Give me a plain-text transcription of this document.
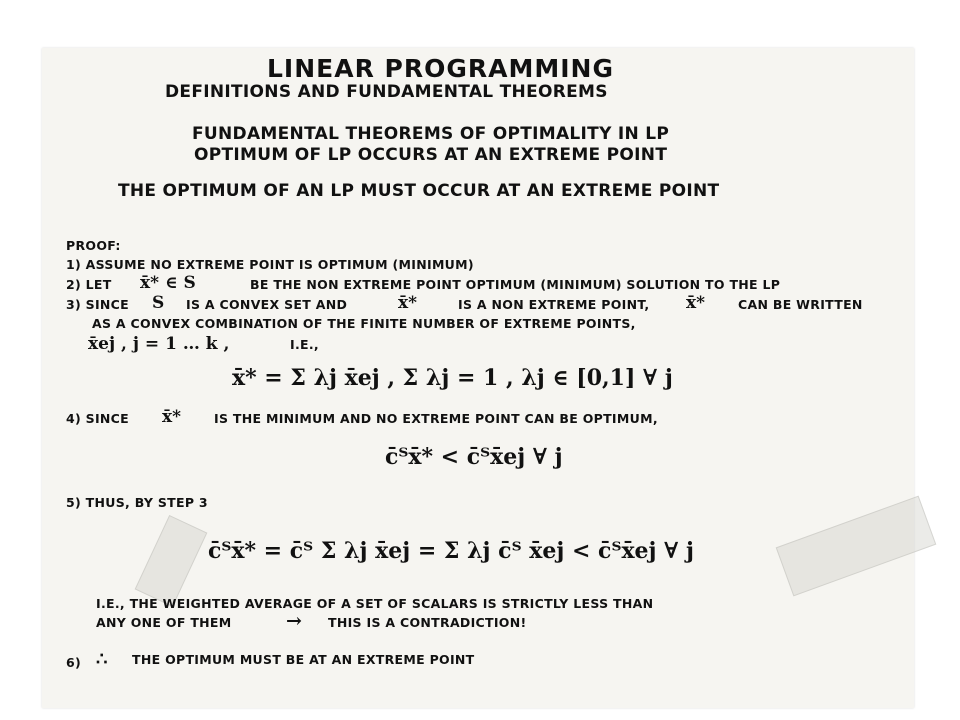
LINEAR PROGRAMMING
DEFINITIONS AND FUNDAMENTAL THEOREMS
FUNDAMENTAL THEOREMS OF OPTIMALITY IN LP
OPTIMUM OF LP OCCURS AT AN EXTREME POINT
THE OPTIMUM OF AN LP MUST OCCUR AT AN EXTREME POINT
PROOF:
1) ASSUME NO EXTREME POINT IS OPTIMUM (MINIMUM)
2) LET x̄* ∈ S	BE THE NON EXTREME POINT OPTIMUM (MINIMUM) SOLUTION TO THE LP
3) SINCE S IS A CONVEX SET AND	x̄*	IS A NON EXTREME POINT, x̄*	CAN BE WRITTEN
AS A CONVEX COMBINATION OF THE FINITE NUMBER OF EXTREME POINTS,
x̄ej , j = 1 … k ,	I.E.,
x̄* = Σ λj x̄ej , Σ λj = 1 , λj ∈ [0,1] ∀ j
4) SINCE x̄*	IS THE MINIMUM AND NO EXTREME POINT CAN BE OPTIMUM,
c̄ᵀx̄* < c̄ᵀx̄ej ∀ j
5) THUS, BY STEP 3
c̄ᵀx̄* = c̄ᵀ Σ λj x̄ej = Σ λj c̄ᵀ x̄ej < c̄ᵀx̄ej ∀ j
I.E., THE WEIGHTED AVERAGE OF A SET OF SCALARS IS STRICTLY LESS THAN
ANY ONE OF THEM	→ THIS IS A CONTRADICTION!
6) ∴ THE OPTIMUM MUST BE AT AN EXTREME POINT
